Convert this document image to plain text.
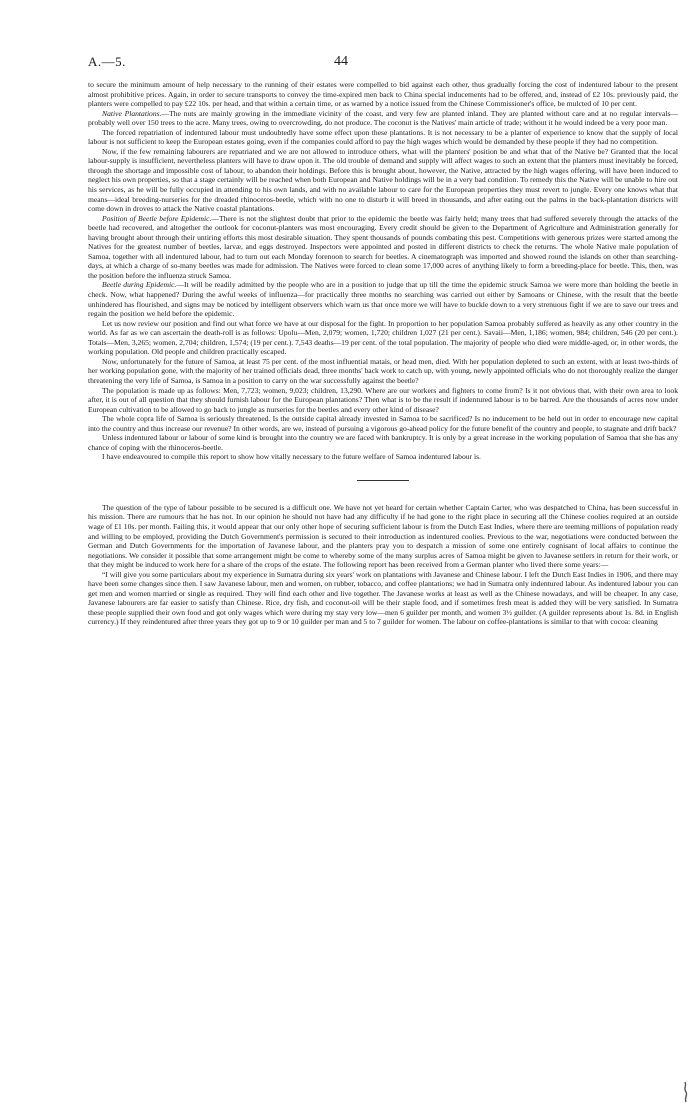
A.—5.	44

to secure the minimum amount of help necessary to the running of their estates were compelled to bid against each other, thus gradually forcing the cost of indentured labour to the present almost prohibitive prices. Again, in order to secure transports to convey the time-expired men back to China special inducements had to be offered, and, instead of £2 10s. previously paid, the planters were compelled to pay £22 10s. per head, and that within a certain time, or as warned by a notice issued from the Chinese Commissioner's office, be mulcted of 10 per cent.

Native Plantations.—The nuts are mainly growing in the immediate vicinity of the coast, and very few are planted inland. They are planted without care and at no regular intervals—probably well over 150 trees to the acre. Many trees, owing to overcrowding, do not produce. The coconut is the Natives' main article of trade; without it he would indeed be a very poor man.

The forced repatriation of indentured labour must undoubtedly have some effect upon these plantations. It is not necessary to be a planter of experience to know that the supply of local labour is not sufficient to keep the European estates going, even if the companies could afford to pay the high wages which would be demanded by these people if they had no competition.

Now, if the few remaining labourers are repatriated and we are not allowed to introduce others, what will the planters' position be and what that of the Native be? Granted that the local labour-supply is insufficient, nevertheless planters will have to draw upon it. The old trouble of demand and supply will affect wages to such an extent that the planters must inevitably be forced, through the shortage and impossible cost of labour, to abandon their holdings. Before this is brought about, however, the Native, attracted by the high wages offering, will have been induced to neglect his own properties, so that a stage certainly will be reached when both European and Native holdings will be in a very bad condition. To remedy this the Native will be unable to hire out his services, as he will be fully occupied in attending to his own lands, and with no available labour to care for the European properties they must revert to jungle. Every one knows what that means—ideal breeding-nurseries for the dreaded rhinoceros-beetle, which with no one to disturb it will breed in thousands, and after eating out the palms in the back-plantation districts will come down in droves to attack the Native coastal plantations.

Position of Beetle before Epidemic.—There is not the slightest doubt that prior to the epidemic the beetle was fairly held; many trees that had suffered severely through the attacks of the beetle had recovered, and altogether the outlook for coconut-planters was most encouraging. Every credit should be given to the Department of Agriculture and Administration generally for having brought about through their untiring efforts this most desirable situation. They spent thousands of pounds combating this pest. Competitions with generous prizes were started among the Natives for the greatest number of beetles, larvæ, and eggs destroyed. Inspectors were appointed and posted in different districts to check the returns. The whole Native male population of Samoa, together with all indentured labour, had to turn out each Monday forenoon to search for beetles. A cinematograph was imported and showed round the islands on other than searching-days, at which a charge of so-many beetles was made for admission. The Natives were forced to clean some 17,000 acres of anything likely to form a breeding-place for beetle. This, then, was the position before the influenza struck Samoa.

Beetle during Epidemic.—It will be readily admitted by the people who are in a position to judge that up till the time the epidemic struck Samoa we were more than holding the beetle in check. Now, what happened? During the awful weeks of influenza—for practically three months no searching was carried out either by Samoans or Chinese, with the result that the beetle unhindered has flourished, and signs may be noticed by intelligent observers which warn us that once more we will have to buckle down to a very strenuous fight if we are to save our trees and regain the position we held before the epidemic.

Let us now review our position and find out what force we have at our disposal for the fight. In proportion to her population Samoa probably suffered as heavily as any other country in the world. As far as we can ascertain the death-roll is as follows: Upolu—Men, 2,079; women, 1,720; children 1,027 (21 per cent.). Savaii—Men, 1,186; women, 984; children, 546 (20 per cent.). Totals—Men, 3,265; women, 2,704; children, 1,574; (19 per cent.). 7,543 deaths—19 per cent. of the total population. The majority of people who died were middle-aged, or, in other words, the working population. Old people and children practically escaped.

Now, unfortunately for the future of Samoa, at least 75 per cent. of the most influential matais, or head men, died. With her population depleted to such an extent, with at least two-thirds of her working population gone, with the majority of her trained officials dead, three months' back work to catch up, with young, newly appointed officials who do not thoroughly realize the danger threatening the very life of Samoa, is Samoa in a position to carry on the war successfully against the beetle?

The population is made up as follows: Men, 7,723; women, 9,023; children, 13,290. Where are our workers and fighters to come from? Is it not obvious that, with their own area to look after, it is out of all question that they should furnish labour for the European plantations? Then what is to be the result if indentured labour is to be barred. Are the thousands of acres now under European cultivation to be allowed to go back to jungle as nurseries for the beetles and every other kind of disease?

The whole copra life of Samoa is seriously threatened. Is the outside capital already invested in Samoa to be sacrificed? Is no inducement to be held out in order to encourage new capital into the country and thus increase our revenue? In other words, are we, instead of pursuing a vigorous go-ahead policy for the future benefit of the country and people, to stagnate and drift back?

Unless indentured labour or labour of some kind is brought into the country we are faced with bankruptcy. It is only by a great increase in the working population of Samoa that she has any chance of coping with the rhinoceros-beetle.

I have endeavoured to compile this report to show how vitally necessary to the future welfare of Samoa indentured labour is.

The question of the type of labour possible to be secured is a difficult one. We have not yet heard for certain whether Captain Carter, who was despatched to China, has been successful in his mission. There are rumours that he has not. In our opinion he should not have had any difficulty if he had gone to the right place in securing all the Chinese coolies required at an outside wage of £1 10s. per month. Failing this, it would appear that our only other hope of securing sufficient labour is from the Dutch East Indies, where there are teeming millions of population ready and willing to be employed, providing the Dutch Government's permission is secured to their introduction as indentured coolies. Previous to the war, negotiations were conducted between the German and Dutch Governments for the importation of Javanese labour, and the planters pray you to despatch a mission of some one entirely cognisant of local affairs to continue the negotiations. We consider it possible that some arrangement might be come to whereby some of the many surplus acres of Samoa might be given to Javanese settlers in return for their work, or that they might be induced to work here for a share of the crops of the estate. The following report has been received from a German planter who lived there some years:—

“I will give you some particulars about my experience in Sumatra during six years' work on plantations with Javanese and Chinese labour. I left the Dutch East Indies in 1906, and there may have been some changes since then. I saw Javanese labour, men and women, on rubber, tobacco, and coffee plantations; we had in Sumatra only indentured labour. As indentured labour you can get men and women married or single as required. They will find each other and live together. The Javanese works at least as well as the Chinese nowadays, and will be cheaper. In any case, Javanese labourers are far easier to satisfy than Chinese. Rice, dry fish, and coconut-oil will be their staple food, and if sometimes fresh meat is added they will be very satisfied. In Sumatra these people supplied their own food and got only wages which were during my stay very low—men 6 guilder per month, and women 3½ guilder. (A guilder represents about 1s. 8d. in English currency.) If they reindentured after three years they got up to 9 or 10 guilder per man and 5 to 7 guilder for women. The labour on coffee-plantations is similar to that with cocoa: cleaning
